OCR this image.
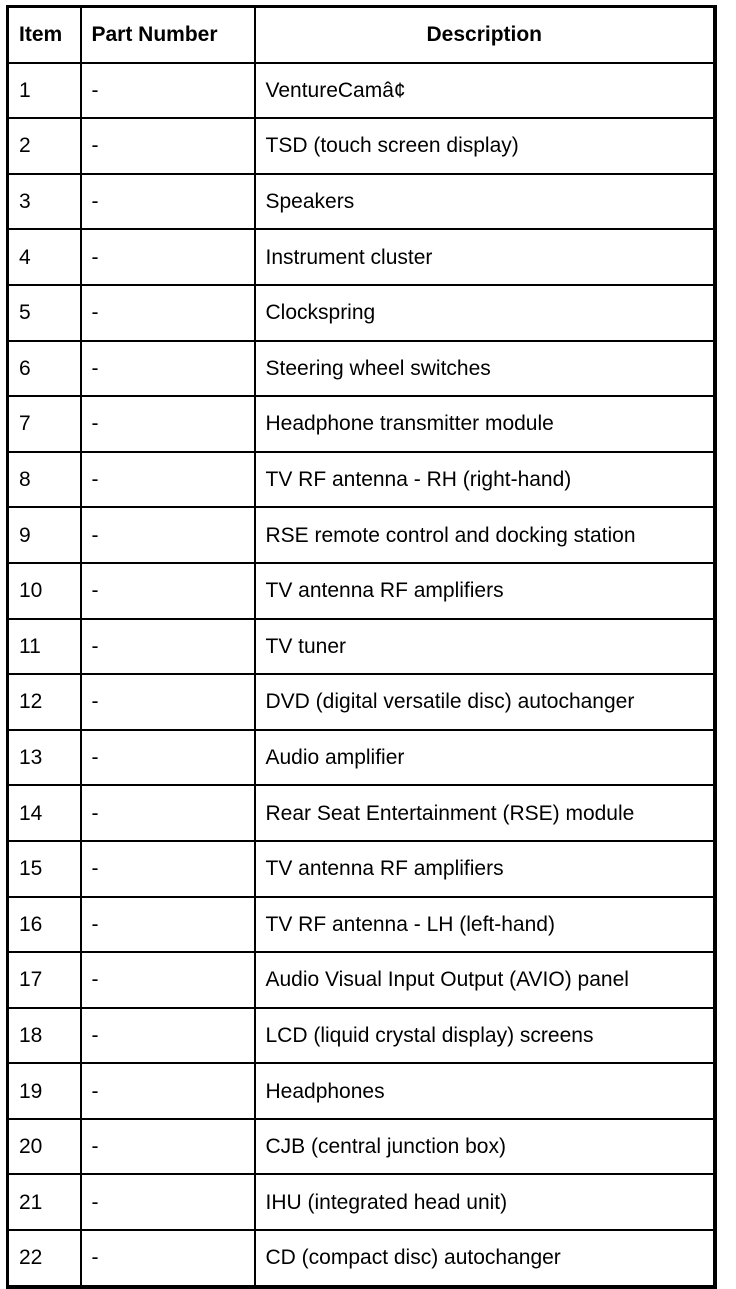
Item	Part Number	Description
1	-	VentureCamâ¢
2	-	TSD (touch screen display)
3	-	Speakers
4	-	Instrument cluster
5	-	Clockspring
6	-	Steering wheel switches
7	-	Headphone transmitter module
8	-	TV RF antenna - RH (right-hand)
9	-	RSE remote control and docking station
10	-	TV antenna RF amplifiers
11	-	TV tuner
12	-	DVD (digital versatile disc) autochanger
13	-	Audio amplifier
14	-	Rear Seat Entertainment (RSE) module
15	-	TV antenna RF amplifiers
16	-	TV RF antenna - LH (left-hand)
17	-	Audio Visual Input Output (AVIO) panel
18	-	LCD (liquid crystal display) screens
19	-	Headphones
20	-	CJB (central junction box)
21	-	IHU (integrated head unit)
22	-	CD (compact disc) autochanger
